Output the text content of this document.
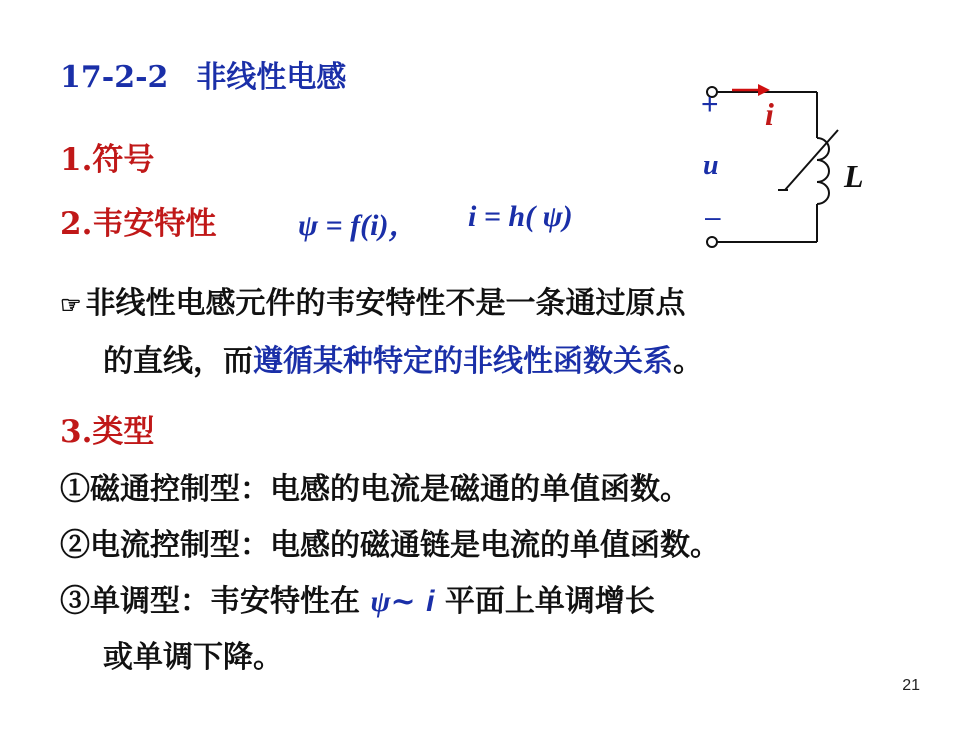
17-2-2 非线性电感
1.符号
2.韦安特性	ψ = f(i)， i = h( ψ)
+
u
–
i
L
☞ 非线性电感元件的韦安特性不是一条通过原点
的直线，而遵循某种特定的非线性函数关系。
3.类型
①磁通控制型：电感的电流是磁通的单值函数。
②电流控制型：电感的磁通链是电流的单值函数。
③单调型：韦安特性在 ψ~ i 平面上单调增长
或单调下降。
21
